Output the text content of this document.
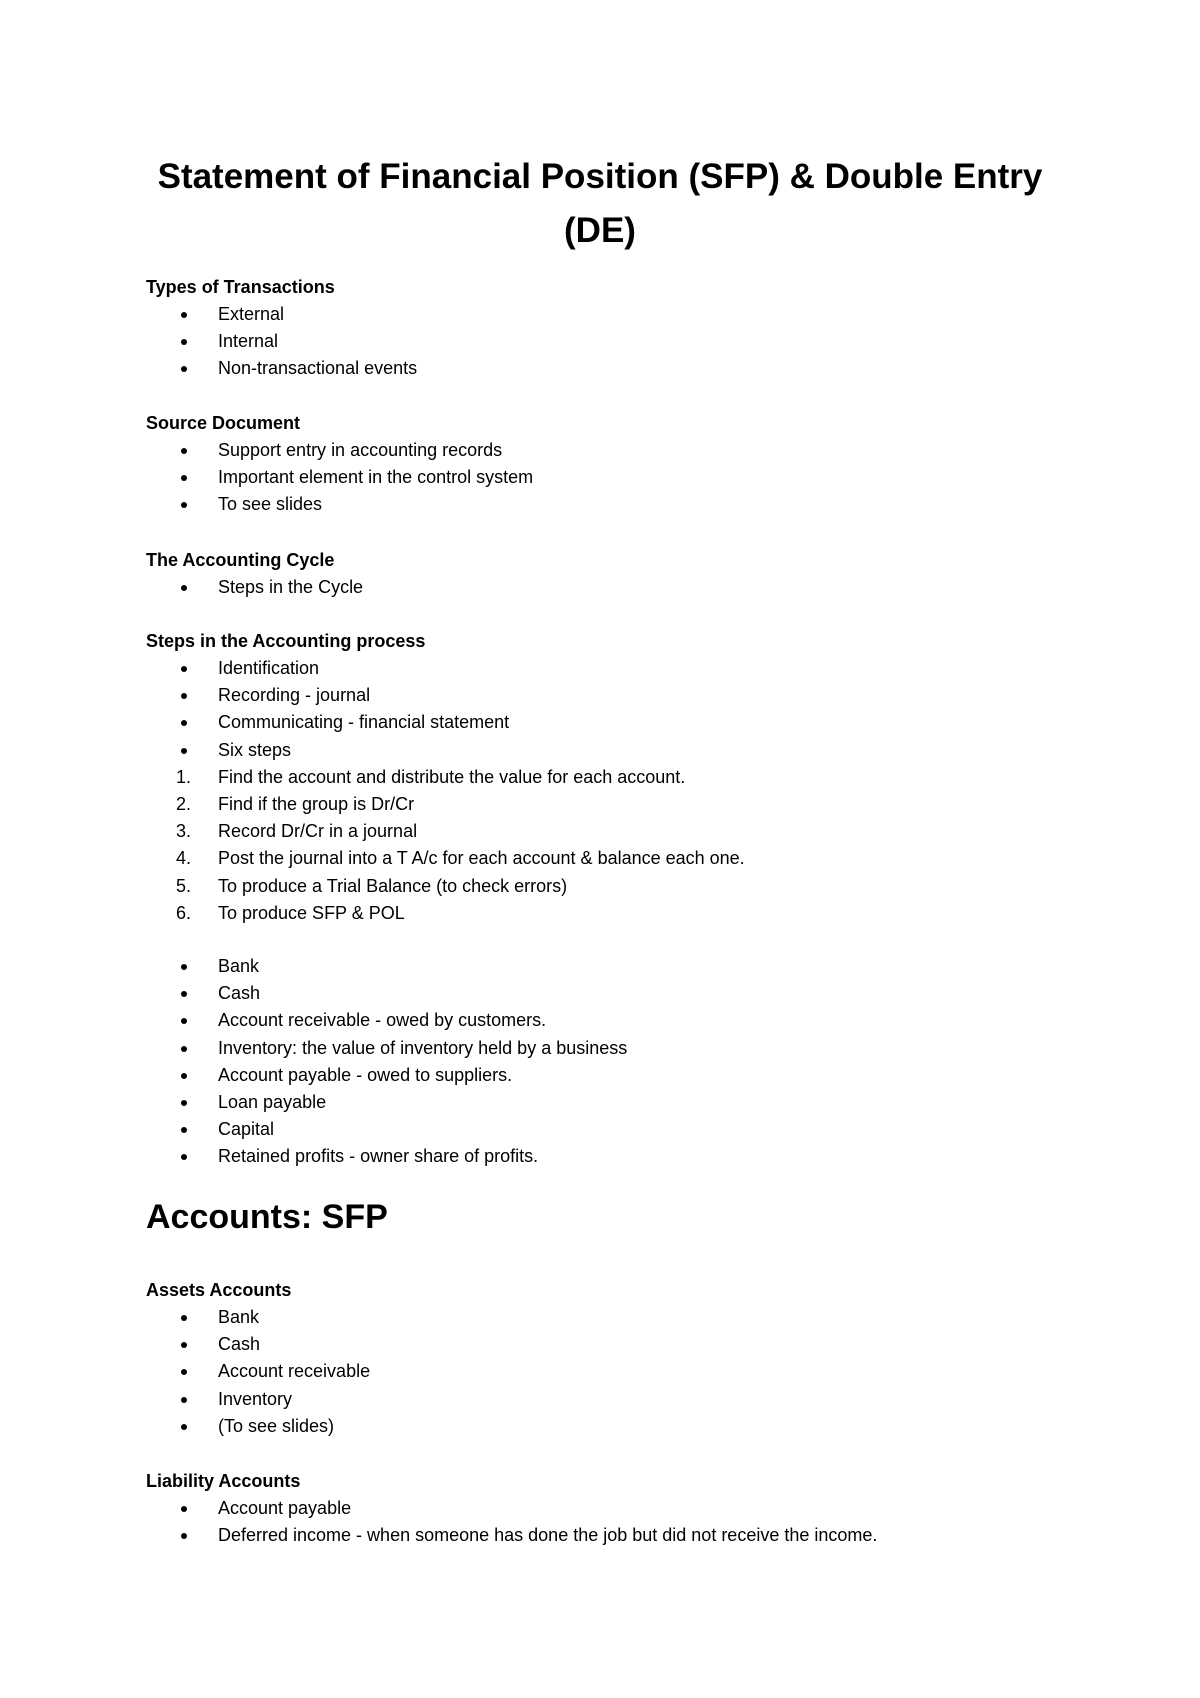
Statement of Financial Position (SFP) & Double Entry (DE)

Types of Transactions

External
Internal
Non-transactional events

Source Document

Support entry in accounting records
Important element in the control system
To see slides

The Accounting Cycle

Steps in the Cycle

Steps in the Accounting process

Identification
Recording - journal
Communicating - financial statement
Six steps
1.	Find the account and distribute the value for each account.
2.	Find if the group is Dr/Cr
3.	Record Dr/Cr in a journal
4.	Post the journal into a T A/c for each account & balance each one.
5.	To produce a Trial Balance (to check errors)
6.	To produce SFP & POL
Bank
Cash
Account receivable - owed by customers.
Inventory: the value of inventory held by a business
Account payable - owed to suppliers.
Loan payable
Capital
Retained profits - owner share of profits.
Accounts: SFP

Assets Accounts

Bank
Cash
Account receivable
Inventory
(To see slides)

Liability Accounts

Account payable
Deferred income - when someone has done the job but did not receive the income.
